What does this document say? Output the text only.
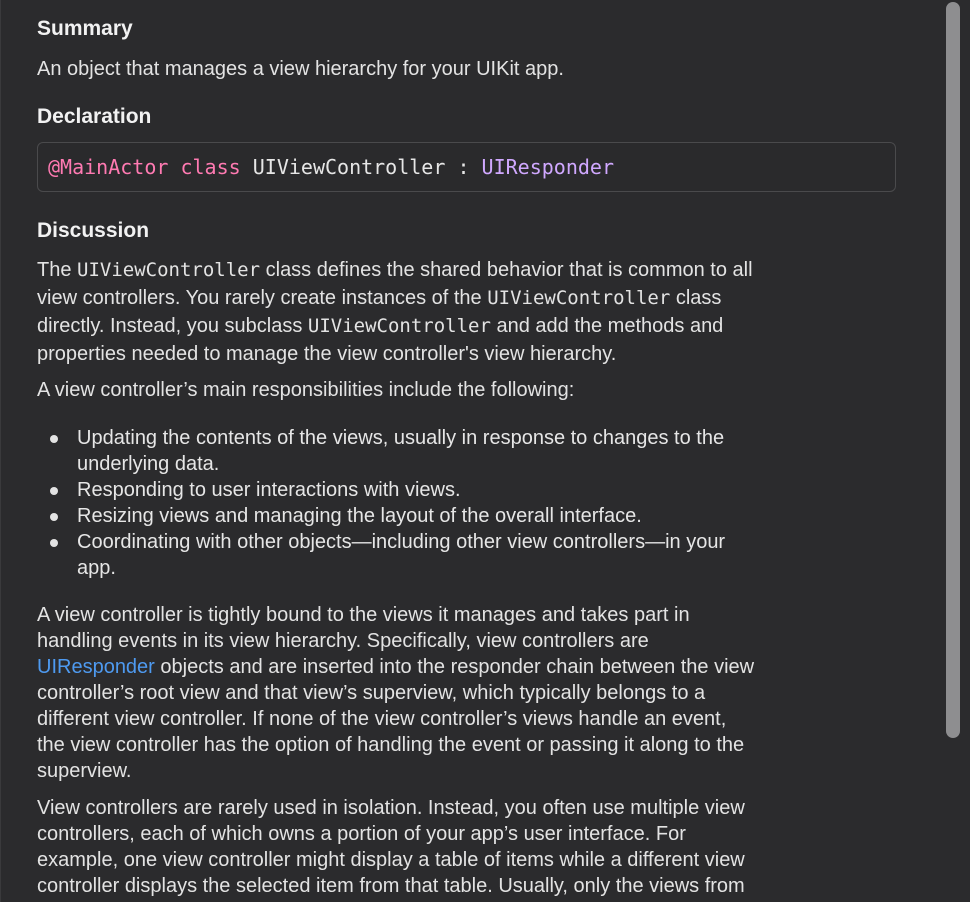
Summary
An object that manages a view hierarchy for your UIKit app.
Declaration
@MainActor class UIViewController : UIResponder
Discussion
The UIViewController class defines the shared behavior that is common to all
view controllers. You rarely create instances of the UIViewController class
directly. Instead, you subclass UIViewController and add the methods and
properties needed to manage the view controller's view hierarchy.
A view controller’s main responsibilities include the following:
Updating the contents of the views, usually in response to changes to the
underlying data.
Responding to user interactions with views.
Resizing views and managing the layout of the overall interface.
Coordinating with other objects—including other view controllers—in your
app.
A view controller is tightly bound to the views it manages and takes part in
handling events in its view hierarchy. Specifically, view controllers are
UIResponder objects and are inserted into the responder chain between the view
controller’s root view and that view’s superview, which typically belongs to a
different view controller. If none of the view controller’s views handle an event,
the view controller has the option of handling the event or passing it along to the
superview.
View controllers are rarely used in isolation. Instead, you often use multiple view
controllers, each of which owns a portion of your app’s user interface. For
example, one view controller might display a table of items while a different view
controller displays the selected item from that table. Usually, only the views from
